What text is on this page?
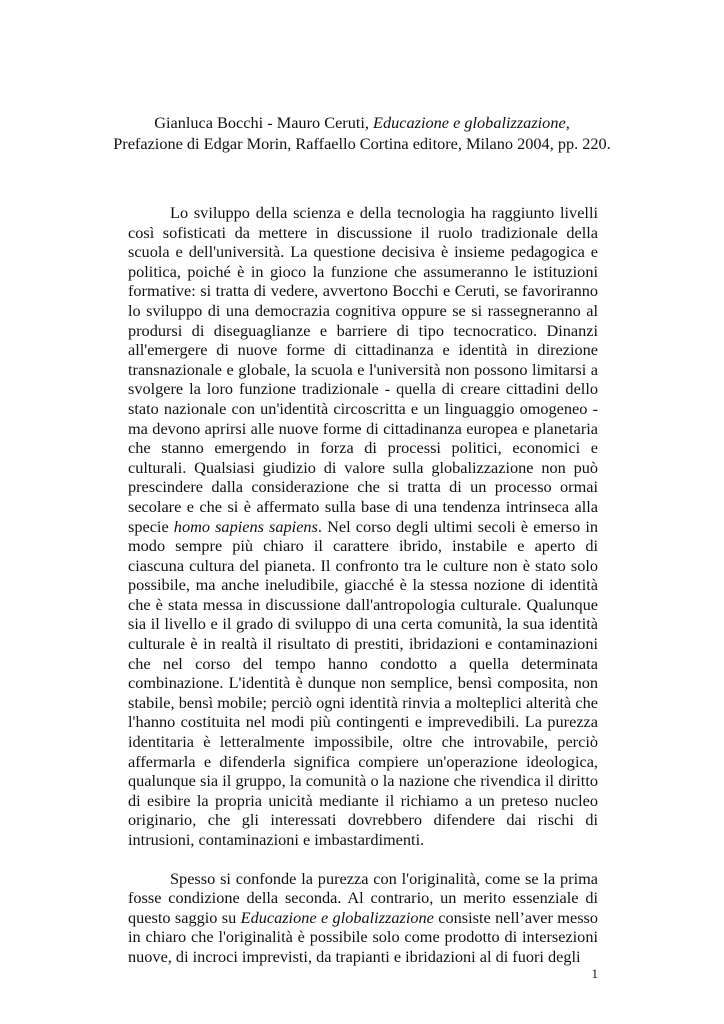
Gianluca Bocchi - Mauro Ceruti, Educazione e globalizzazione,
Prefazione di Edgar Morin, Raffaello Cortina editore, Milano 2004, pp. 220.

Lo sviluppo della scienza e della tecnologia ha raggiunto livelli così sofisticati da mettere in discussione il ruolo tradizionale della scuola e dell'università. La questione decisiva è insieme pedagogica e politica, poiché è in gioco la funzione che assumeranno le istituzioni formative: si tratta di vedere, avvertono Bocchi e Ceruti, se favoriranno lo sviluppo di una democrazia cognitiva oppure se si rassegneranno al prodursi di diseguaglianze e barriere di tipo tecnocratico. Dinanzi all'emergere di nuove forme di cittadinanza e identità in direzione transnazionale e globale, la scuola e l'università non possono limitarsi a svolgere la loro funzione tradizionale - quella di creare cittadini dello stato nazionale con un'identità circoscritta e un linguaggio omogeneo - ma devono aprirsi alle nuove forme di cittadinanza europea e planetaria che stanno emergendo in forza di processi politici, economici e culturali. Qualsiasi giudizio di valore sulla globalizzazione non può prescindere dalla considerazione che si tratta di un processo ormai secolare e che si è affermato sulla base di una tendenza intrinseca alla specie homo sapiens sapiens. Nel corso degli ultimi secoli è emerso in modo sempre più chiaro il carattere ibrido, instabile e aperto di ciascuna cultura del pianeta. Il confronto tra le culture non è stato solo possibile, ma anche ineludibile, giacché è la stessa nozione di identità che è stata messa in discussione dall'antropologia culturale. Qualunque sia il livello e il grado di sviluppo di una certa comunità, la sua identità culturale è in realtà il risultato di prestiti, ibridazioni e contaminazioni che nel corso del tempo hanno condotto a quella determinata combinazione. L'identità è dunque non semplice, bensì composita, non stabile, bensì mobile; perciò ogni identità rinvia a molteplici alterità che l'hanno costituita nel modi più contingenti e imprevedibili. La purezza identitaria è letteralmente impossibile, oltre che introvabile, perciò affermarla e difenderla significa compiere un'operazione ideologica, qualunque sia il gruppo, la comunità o la nazione che rivendica il diritto di esibire la propria unicità mediante il richiamo a un preteso nucleo originario, che gli interessati dovrebbero difendere dai rischi di intrusioni, contaminazioni e imbastardimenti.

Spesso si confonde la purezza con l'originalità, come se la prima fosse condizione della seconda. Al contrario, un merito essenziale di questo saggio su Educazione e globalizzazione consiste nell’aver messo in chiaro che l'originalità è possibile solo come prodotto di intersezioni nuove, di incroci imprevisti, da trapianti e ibridazioni al di fuori degli

1
